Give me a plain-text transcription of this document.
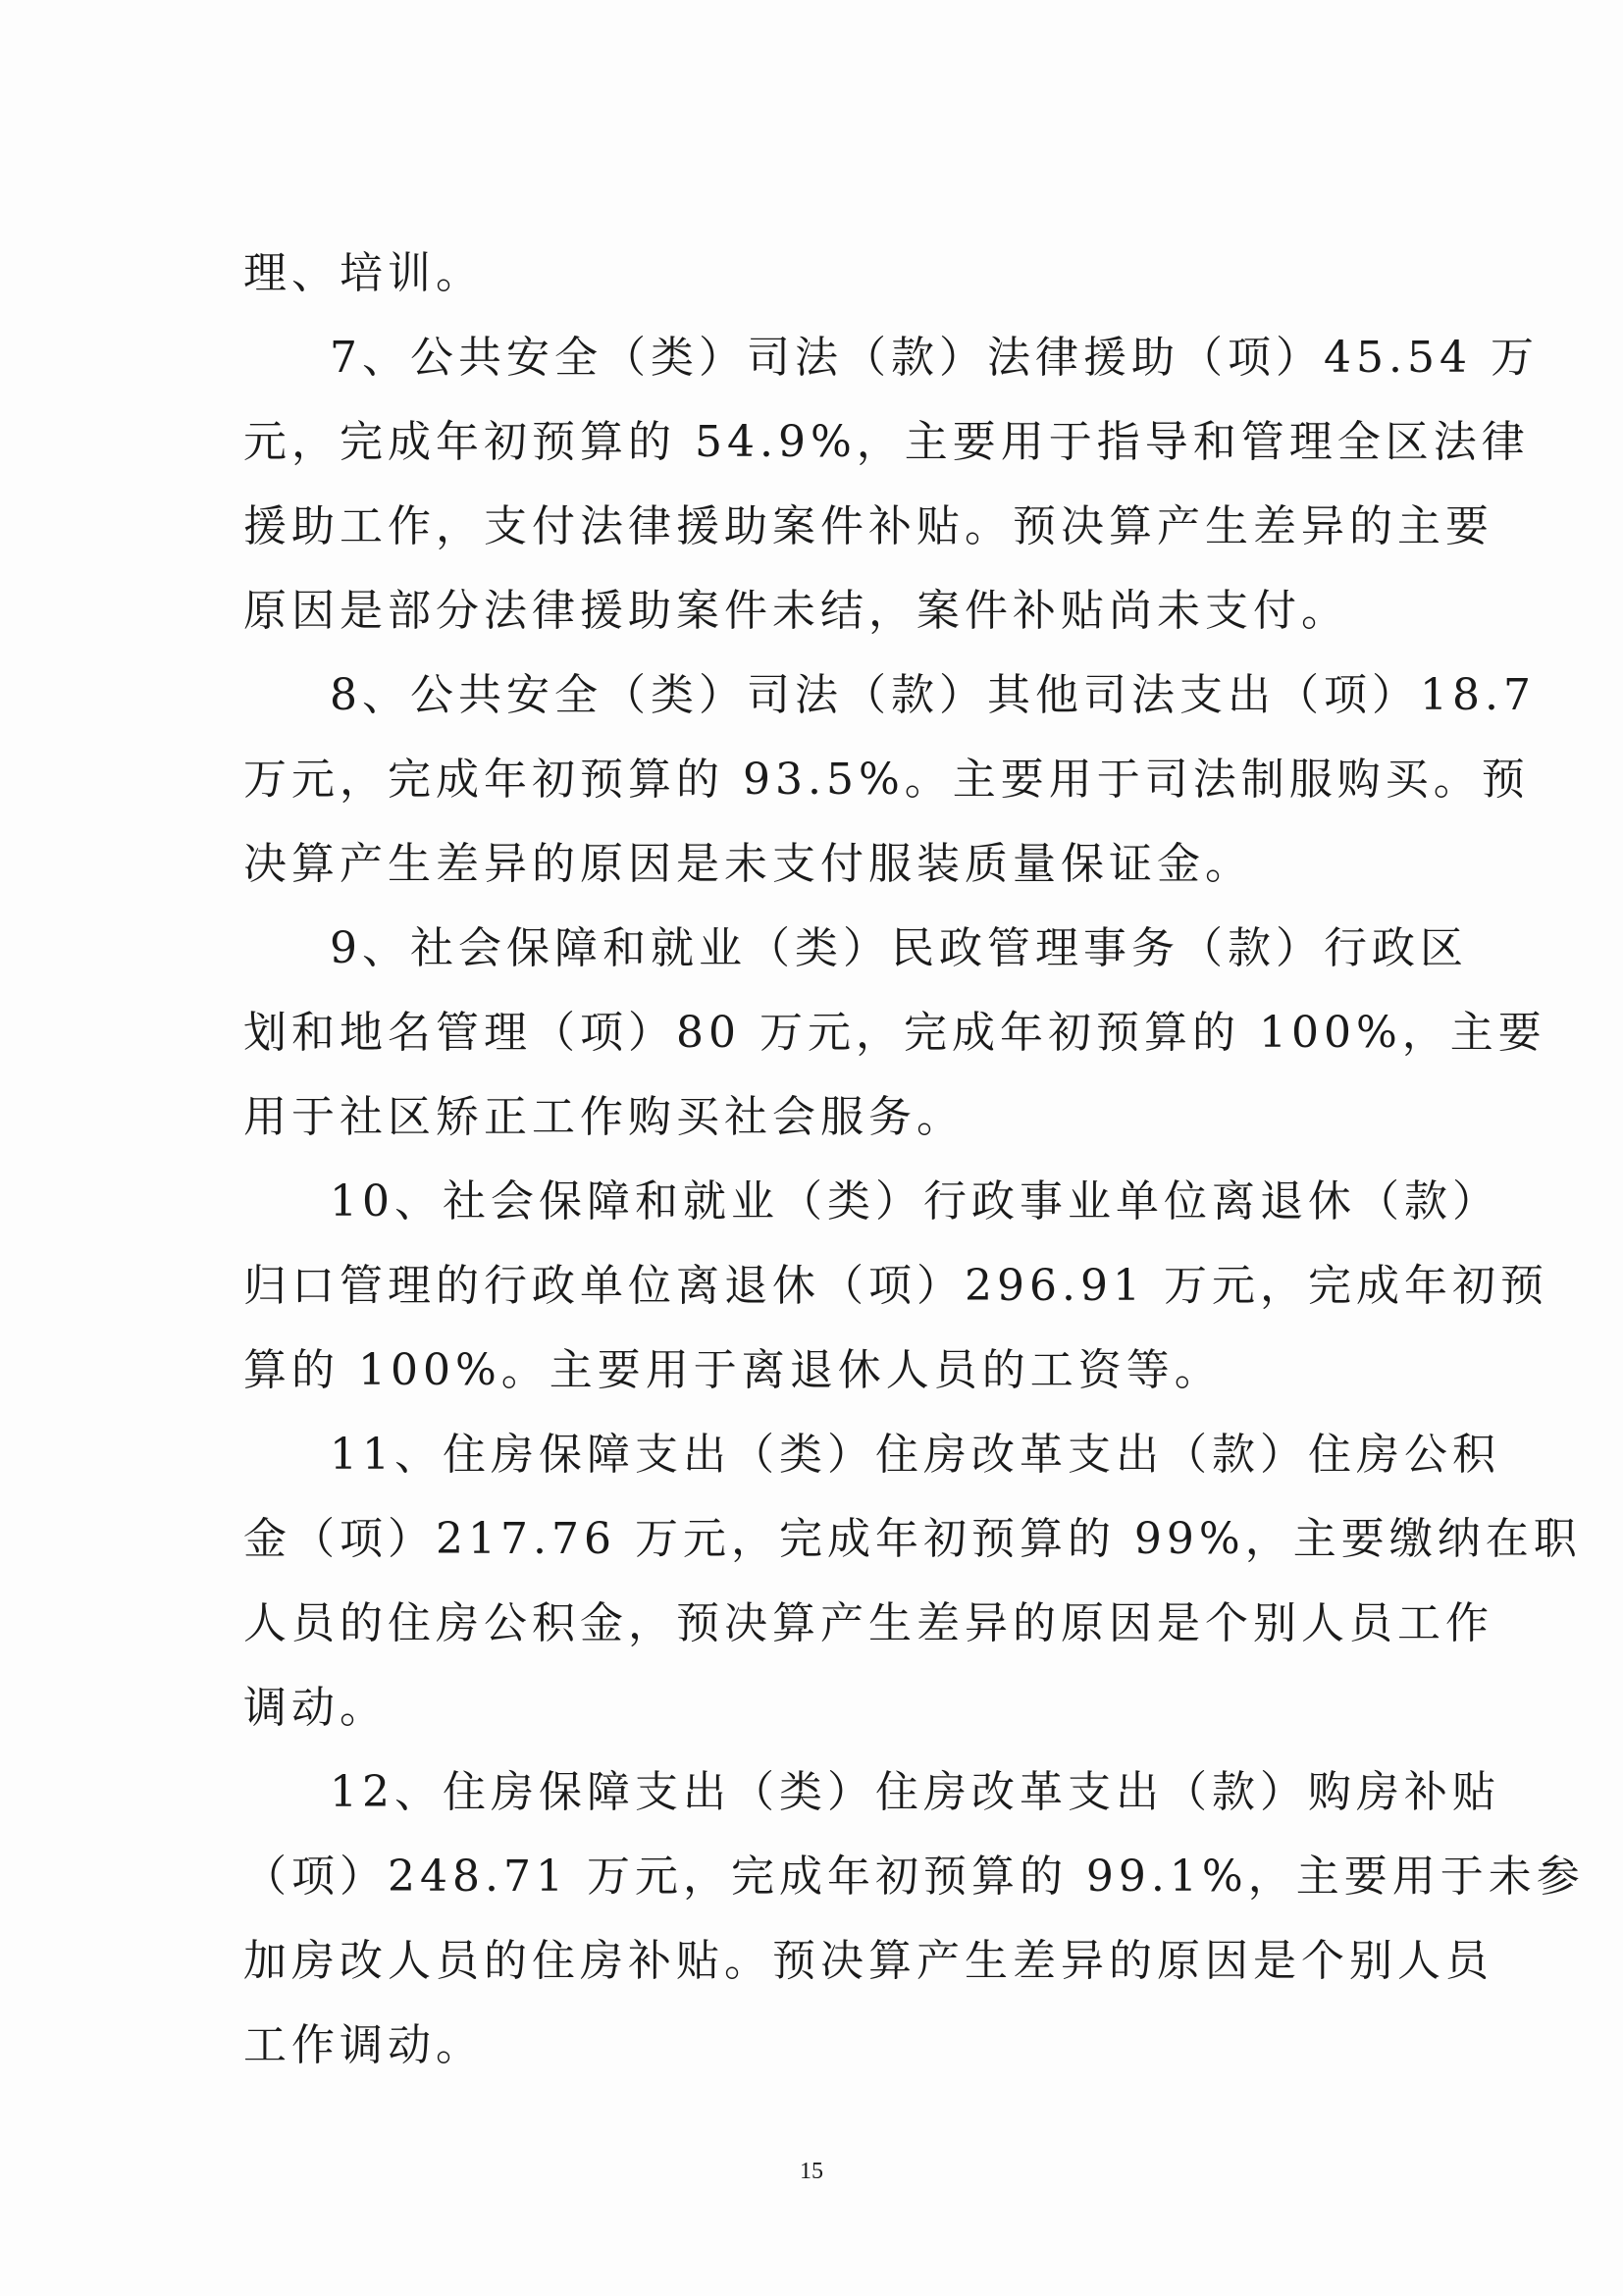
理、培训。
7、公共安全（类）司法（款）法律援助（项）45.54 万
元，完成年初预算的 54.9%，主要用于指导和管理全区法律
援助工作，支付法律援助案件补贴。预决算产生差异的主要
原因是部分法律援助案件未结，案件补贴尚未支付。
8、公共安全（类）司法（款）其他司法支出（项）18.7
万元，完成年初预算的 93.5%。主要用于司法制服购买。预
决算产生差异的原因是未支付服装质量保证金。
9、社会保障和就业（类）民政管理事务（款）行政区
划和地名管理（项）80 万元，完成年初预算的 100%，主要
用于社区矫正工作购买社会服务。
10、社会保障和就业（类）行政事业单位离退休（款）
归口管理的行政单位离退休（项）296.91 万元，完成年初预
算的 100%。主要用于离退休人员的工资等。
11、住房保障支出（类）住房改革支出（款）住房公积
金（项）217.76 万元，完成年初预算的 99%，主要缴纳在职
人员的住房公积金，预决算产生差异的原因是个别人员工作
调动。
12、住房保障支出（类）住房改革支出（款）购房补贴
（项）248.71 万元，完成年初预算的 99.1%，主要用于未参
加房改人员的住房补贴。预决算产生差异的原因是个别人员
工作调动。
15
